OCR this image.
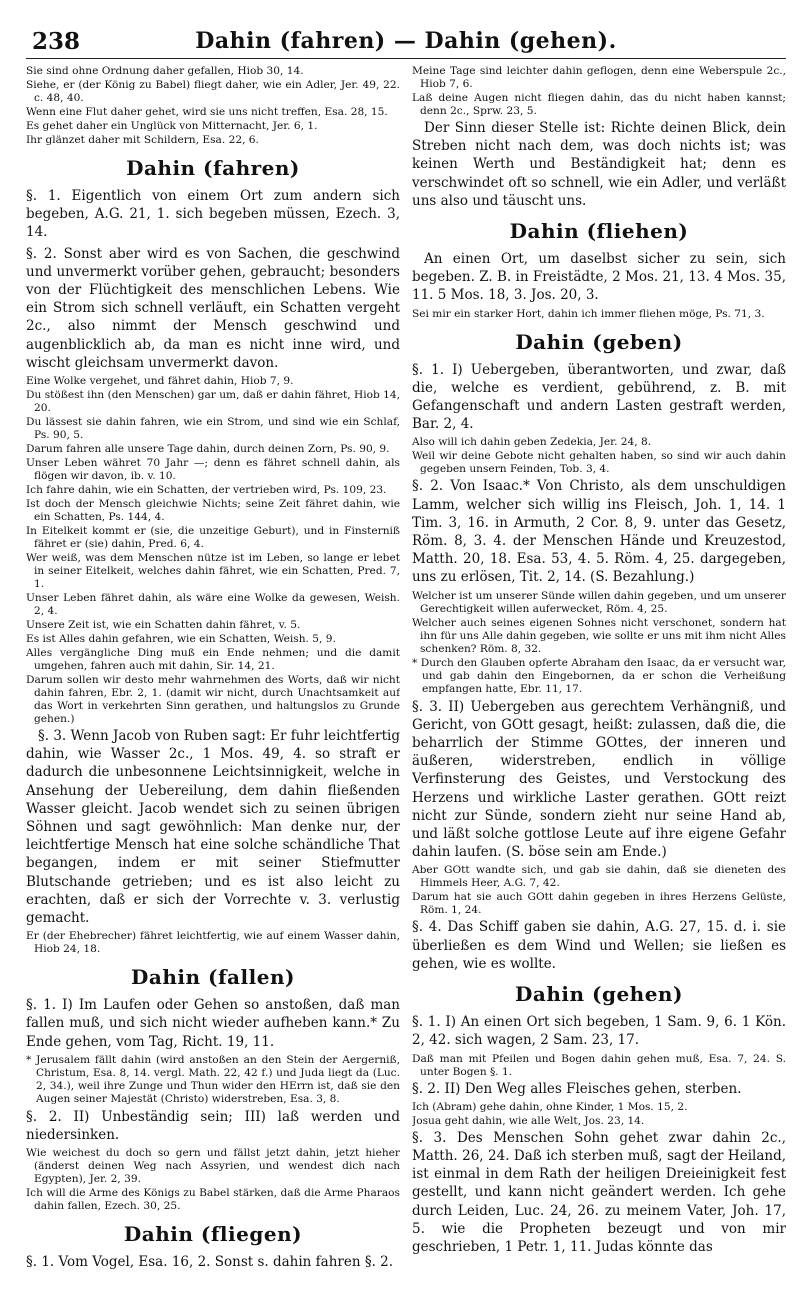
238	Dahin (fahren) — Dahin (gehen).

Sie sind ohne Ordnung daher gefallen, Hiob 30, 14.

Siehe, er (der König zu Babel) fliegt daher, wie ein Adler, Jer. 49, 22. c. 48, 40.

Wenn eine Flut daher gehet, wird sie uns nicht treffen, Esa. 28, 15.

Es gehet daher ein Unglück von Mitternacht, Jer. 6, 1.

Ihr glänzet daher mit Schildern, Esa. 22, 6.

Dahin (fahren)

§. 1. Eigentlich von einem Ort zum andern sich begeben, A.G. 21, 1. sich begeben müssen, Ezech. 3, 14.

§. 2. Sonst aber wird es von Sachen, die geschwind und unvermerkt vorüber gehen, gebraucht; besonders von der Flüchtigkeit des menschlichen Lebens. Wie ein Strom sich schnell verläuft, ein Schatten vergeht 2c., also nimmt der Mensch geschwind und augenblicklich ab, da man es nicht inne wird, und wischt gleichsam unvermerkt davon.

Eine Wolke vergehet, und fähret dahin, Hiob 7, 9.

Du stößest ihn (den Menschen) gar um, daß er dahin fähret, Hiob 14, 20.

Du lässest sie dahin fahren, wie ein Strom, und sind wie ein Schlaf, Ps. 90, 5.

Darum fahren alle unsere Tage dahin, durch deinen Zorn, Ps. 90, 9.

Unser Leben währet 70 Jahr —; denn es fähret schnell dahin, als flögen wir davon, ib. v. 10.

Ich fahre dahin, wie ein Schatten, der vertrieben wird, Ps. 109, 23.

Ist doch der Mensch gleichwie Nichts; seine Zeit fähret dahin, wie ein Schatten, Ps. 144, 4.

In Eitelkeit kommt er (sie, die unzeitige Geburt), und in Finsterniß fähret er (sie) dahin, Pred. 6, 4.

Wer weiß, was dem Menschen nütze ist im Leben, so lange er lebet in seiner Eitelkeit, welches dahin fähret, wie ein Schatten, Pred. 7, 1.

Unser Leben fähret dahin, als wäre eine Wolke da gewesen, Weish. 2, 4.

Unsere Zeit ist, wie ein Schatten dahin fähret, v. 5.

Es ist Alles dahin gefahren, wie ein Schatten, Weish. 5, 9.

Alles vergängliche Ding muß ein Ende nehmen; und die damit umgehen, fahren auch mit dahin, Sir. 14, 21.

Darum sollen wir desto mehr wahrnehmen des Worts, daß wir nicht dahin fahren, Ebr. 2, 1. (damit wir nicht, durch Unachtsamkeit auf das Wort in verkehrten Sinn gerathen, und haltungslos zu Grunde gehen.)

§. 3. Wenn Jacob von Ruben sagt: Er fuhr leichtfertig dahin, wie Wasser 2c., 1 Mos. 49, 4. so straft er dadurch die unbesonnene Leichtsinnigkeit, welche in Ansehung der Uebereilung, dem dahin fließenden Wasser gleicht. Jacob wendet sich zu seinen übrigen Söhnen und sagt gewöhnlich: Man denke nur, der leichtfertige Mensch hat eine solche schändliche That begangen, indem er mit seiner Stiefmutter Blutschande getrieben; und es ist also leicht zu erachten, daß er sich der Vorrechte v. 3. verlustig gemacht.

Er (der Ehebrecher) fähret leichtfertig, wie auf einem Wasser dahin, Hiob 24, 18.

Dahin (fallen)

§. 1. I) Im Laufen oder Gehen so anstoßen, daß man fallen muß, und sich nicht wieder aufheben kann.* Zu Ende gehen, vom Tag, Richt. 19, 11.

* Jerusalem fällt dahin (wird anstoßen an den Stein der Aergerniß, Christum, Esa. 8, 14. vergl. Math. 22, 42 f.) und Juda liegt da (Luc. 2, 34.), weil ihre Zunge und Thun wider den HErrn ist, daß sie den Augen seiner Majestät (Christo) widerstreben, Esa. 3, 8.

§. 2. II) Unbeständig sein; III) laß werden und niedersinken.

Wie weichest du doch so gern und fällst jetzt dahin, jetzt hieher (änderst deinen Weg nach Assyrien, und wendest dich nach Egypten), Jer. 2, 39.

Ich will die Arme des Königs zu Babel stärken, daß die Arme Pharaos dahin fallen, Ezech. 30, 25.

Dahin (fliegen)

§. 1. Vom Vogel, Esa. 16, 2. Sonst s. dahin fahren §. 2.

Meine Tage sind leichter dahin geflogen, denn eine Weberspule 2c., Hiob 7, 6.

Laß deine Augen nicht fliegen dahin, das du nicht haben kannst; denn 2c., Sprw. 23, 5.

Der Sinn dieser Stelle ist: Richte deinen Blick, dein Streben nicht nach dem, was doch nichts ist; was keinen Werth und Beständigkeit hat; denn es verschwindet oft so schnell, wie ein Adler, und verläßt uns also und täuscht uns.

Dahin (fliehen)

An einen Ort, um daselbst sicher zu sein, sich begeben. Z. B. in Freistädte, 2 Mos. 21, 13. 4 Mos. 35, 11. 5 Mos. 18, 3. Jos. 20, 3.

Sei mir ein starker Hort, dahin ich immer fliehen möge, Ps. 71, 3.

Dahin (geben)

§. 1. I) Uebergeben, überantworten, und zwar, daß die, welche es verdient, gebührend, z. B. mit Gefangenschaft und andern Lasten gestraft werden, Bar. 2, 4.

Also will ich dahin geben Zedekia, Jer. 24, 8.

Weil wir deine Gebote nicht gehalten haben, so sind wir auch dahin gegeben unsern Feinden, Tob. 3, 4.

§. 2. Von Isaac.* Von Christo, als dem unschuldigen Lamm, welcher sich willig ins Fleisch, Joh. 1, 14. 1 Tim. 3, 16. in Armuth, 2 Cor. 8, 9. unter das Gesetz, Röm. 8, 3. 4. der Menschen Hände und Kreuzestod, Matth. 20, 18. Esa. 53, 4. 5. Röm. 4, 25. dargegeben, uns zu erlösen, Tit. 2, 14. (S. Bezahlung.)

Welcher ist um unserer Sünde willen dahin gegeben, und um unserer Gerechtigkeit willen auferwecket, Röm. 4, 25.

Welcher auch seines eigenen Sohnes nicht verschonet, sondern hat ihn für uns Alle dahin gegeben, wie sollte er uns mit ihm nicht Alles schenken? Röm. 8, 32.

* Durch den Glauben opferte Abraham den Isaac, da er versucht war, und gab dahin den Eingebornen, da er schon die Verheißung empfangen hatte, Ebr. 11, 17.

§. 3. II) Uebergeben aus gerechtem Verhängniß, und Gericht, von GOtt gesagt, heißt: zulassen, daß die, die beharrlich der Stimme GOttes, der inneren und äußeren, widerstreben, endlich in völlige Verfinsterung des Geistes, und Verstockung des Herzens und wirkliche Laster gerathen. GOtt reizt nicht zur Sünde, sondern zieht nur seine Hand ab, und läßt solche gottlose Leute auf ihre eigene Gefahr dahin laufen. (S. böse sein am Ende.)

Aber GOtt wandte sich, und gab sie dahin, daß sie dieneten des Himmels Heer, A.G. 7, 42.

Darum hat sie auch GOtt dahin gegeben in ihres Herzens Gelüste, Röm. 1, 24.

§. 4. Das Schiff gaben sie dahin, A.G. 27, 15. d. i. sie überließen es dem Wind und Wellen; sie ließen es gehen, wie es wollte.

Dahin (gehen)

§. 1. I) An einen Ort sich begeben, 1 Sam. 9, 6. 1 Kön. 2, 42. sich wagen, 2 Sam. 23, 17.

Daß man mit Pfeilen und Bogen dahin gehen muß, Esa. 7, 24. S. unter Bogen §. 1.

§. 2. II) Den Weg alles Fleisches gehen, sterben.

Ich (Abram) gehe dahin, ohne Kinder, 1 Mos. 15, 2.

Josua geht dahin, wie alle Welt, Jos. 23, 14.

§. 3. Des Menschen Sohn gehet zwar dahin 2c., Matth. 26, 24. Daß ich sterben muß, sagt der Heiland, ist einmal in dem Rath der heiligen Dreieinigkeit fest gestellt, und kann nicht geändert werden. Ich gehe durch Leiden, Luc. 24, 26. zu meinem Vater, Joh. 17, 5. wie die Propheten bezeugt und von mir geschrieben, 1 Petr. 1, 11. Judas könnte das
